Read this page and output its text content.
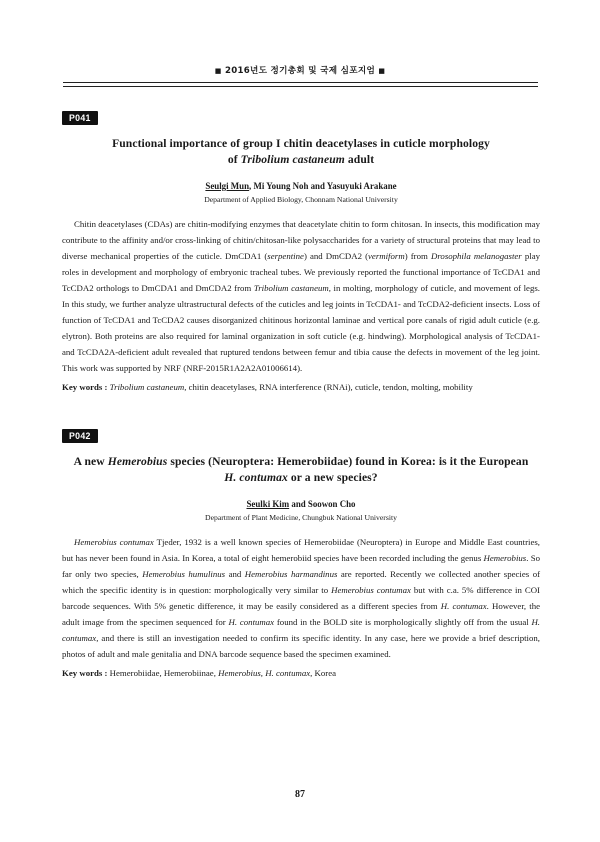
■ 2016년도 정기총회 및 국제 심포지엄 ■
P041
Functional importance of group I chitin deacetylases in cuticle morphology
of Tribolium castaneum adult
Seulgi Mun, Mi Young Noh and Yasuyuki Arakane
Department of Applied Biology, Chonnam National University
Chitin deacetylases (CDAs) are chitin-modifying enzymes that deacetylate chitin to form chitosan. In insects, this modification may contribute to the affinity and/or cross-linking of chitin/chitosan-like polysaccharides for a variety of structural proteins that may lead to diverse mechanical properties of the cuticle. DmCDA1 (serpentine) and DmCDA2 (vermiform) from Drosophila melanogaster play roles in development and morphology of embryonic tracheal tubes. We previously reported the functional importance of TcCDA1 and TcCDA2 orthologs to DmCDA1 and DmCDA2 from Tribolium castaneum, in molting, morphology of cuticle, and movement of legs. In this study, we further analyze ultrastructural defects of the cuticles and leg joints in TcCDA1- and TcCDA2-deficient insects. Loss of function of TcCDA1 and TcCDA2 causes disorganized chitinous horizontal laminae and vertical pore canals of rigid adult cuticle (e.g. elytron). Both proteins are also required for laminal organization in soft cuticle (e.g. hindwing). Morphological analysis of TcCDA1- and TcCDA2A-deficient adult revealed that ruptured tendons between femur and tibia cause the defects in movement of the leg joint. This work was supported by NRF (NRF-2015R1A2A2A01006614).
Key words : Tribolium castaneum, chitin deacetylases, RNA interference (RNAi), cuticle, tendon, molting, mobility
P042
A new Hemerobius species (Neuroptera: Hemerobiidae) found in Korea: is it the European
H. contumax or a new species?
Seulki Kim and Soowon Cho
Department of Plant Medicine, Chungbuk National University
Hemerobius contumax Tjeder, 1932 is a well known species of Hemerobiidae (Neuroptera) in Europe and Middle East countries, but has never been found in Asia. In Korea, a total of eight hemerobiid species have been recorded including the genus Hemerobius. So far only two species, Hemerobius humulinus and Hemerobius harmandinus are reported. Recently we collected another species of which the specific identity is in question: morphologically very similar to Hemerobius contumax but with c.a. 5% difference in COI barcode sequences. With 5% genetic difference, it may be easily considered as a different species from H. contumax. However, the adult image from the specimen sequenced for H. contumax found in the BOLD site is morphologically slightly off from the usual H. contumax, and there is still an investigation needed to confirm its specific identity. In any case, here we provide a brief description, photos of adult and male genitalia and DNA barcode sequence based the specimen examined.
Key words : Hemerobiidae, Hemerobiinae, Hemerobius, H. contumax, Korea
87
